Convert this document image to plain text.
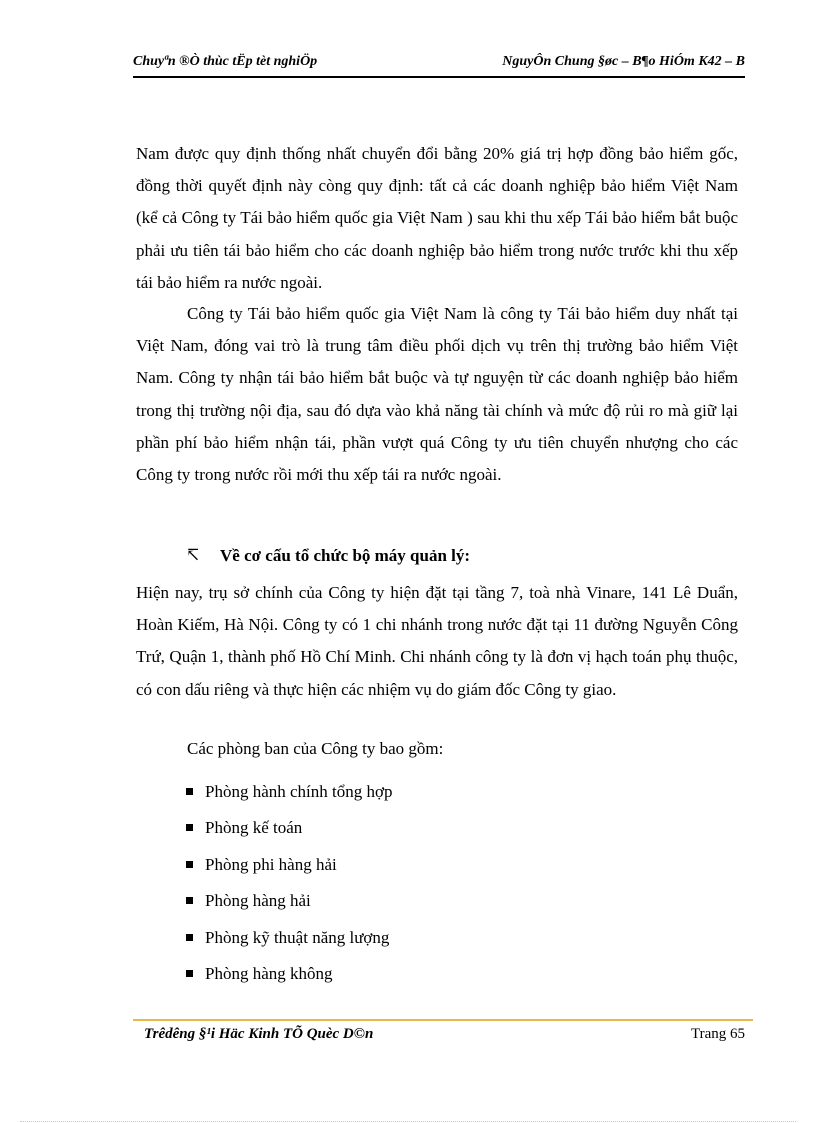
Chuyªn ®Ò thùc tËp tèt nghiÖp	NguyÔn Chung §øc – B¶o HiÓm K42 – B

Nam được quy định thống nhất chuyển đổi bằng 20% giá trị hợp đồng bảo hiểm gốc, đồng thời quyết định này còng quy định: tất cả các doanh nghiệp bảo hiểm Việt Nam (kể cả Công ty Tái bảo hiểm quốc gia Việt Nam ) sau khi thu xếp Tái bảo hiểm bắt buộc phải ưu tiên tái bảo hiểm cho các doanh nghiệp bảo hiểm trong nước trước khi thu xếp tái bảo hiểm ra nước ngoài.

Công ty Tái bảo hiểm quốc gia Việt Nam là công ty Tái bảo hiểm duy nhất tại Việt Nam, đóng vai trò là trung tâm điều phối dịch vụ trên thị trường bảo hiểm Việt Nam. Công ty nhận tái bảo hiểm bắt buộc và tự nguyện từ các doanh nghiệp bảo hiểm trong thị trường nội địa, sau đó dựa vào khả năng tài chính và mức độ rủi ro mà giữ lại phần phí bảo hiểm nhận tái, phần vượt quá Công ty ưu tiên chuyển nhượng cho các Công ty trong nước rồi mới thu xếp tái ra nước ngoài.

↸ Về cơ cấu tổ chức bộ máy quản lý:

Hiện nay, trụ sở chính của Công ty hiện đặt tại tầng 7, toà nhà Vinare, 141 Lê Duẩn, Hoàn Kiếm, Hà Nội. Công ty có 1 chi nhánh trong nước đặt tại 11 đường Nguyễn Công Trứ, Quận 1, thành phố Hồ Chí Minh. Chi nhánh công ty là đơn vị hạch toán phụ thuộc, có con dấu riêng và thực hiện các nhiệm vụ do giám đốc Công ty giao.

Các phòng ban của Công ty bao gồm:
Phòng hành chính tổng hợp
Phòng kế toán
Phòng phi hàng hải
Phòng hàng hải
Phòng kỹ thuật năng lượng
Phòng hàng không
Trêdêng §¹i Häc Kinh TÕ Quèc D©n	Trang 65
